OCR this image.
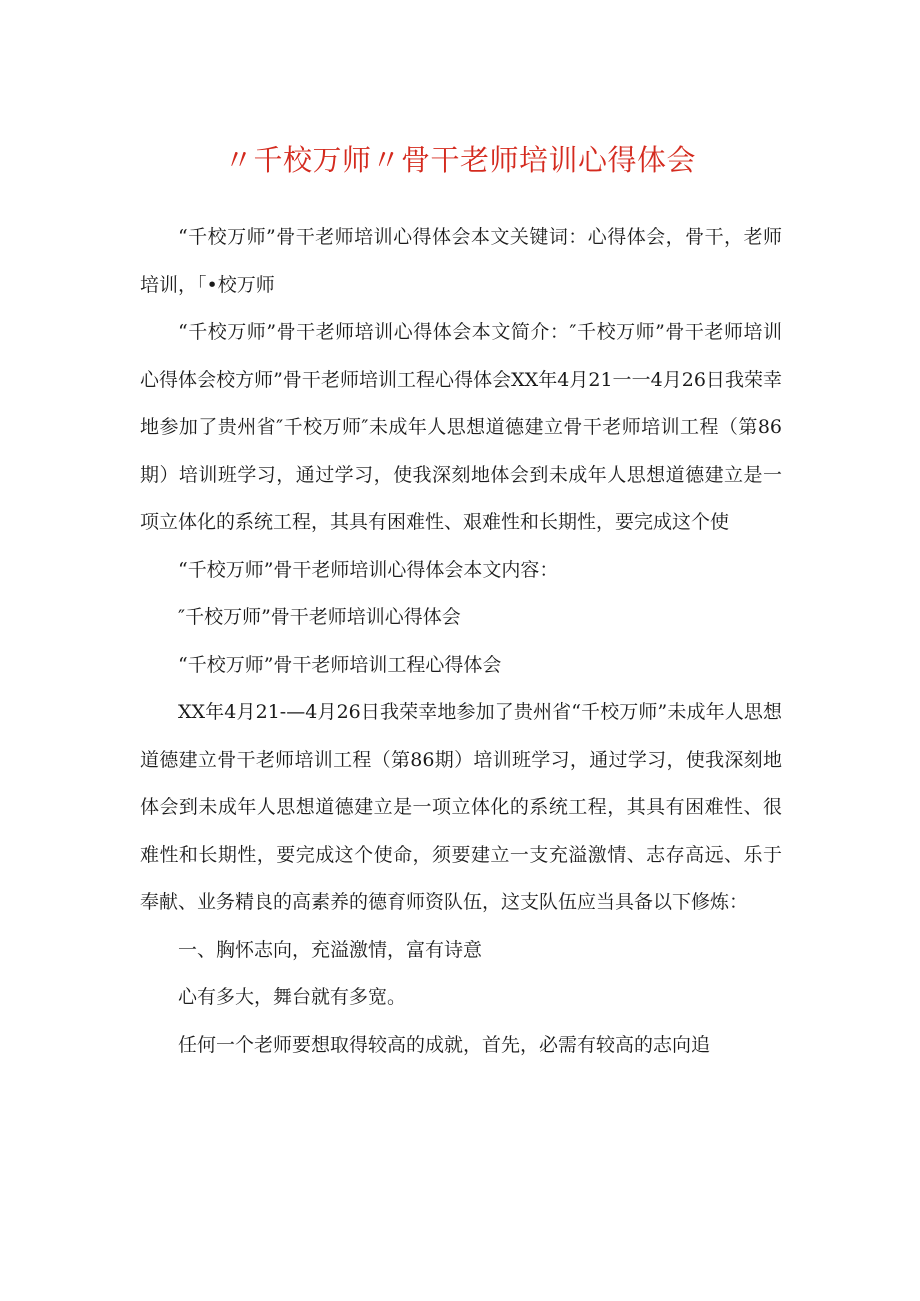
〃千校万师〃骨干老师培训心得体会

“千校万师”骨干老师培训心得体会本文关键词：心得体会，骨干，老师培训，「•校万师

“千校万师”骨干老师培训心得体会本文简介：″千校万师”骨干老师培训心得体会校方师”骨干老师培训工程心得体会XX年4月21一一4月26日我荣幸地参加了贵州省″千校万师″未成年人思想道德建立骨干老师培训工程（第86期）培训班学习，通过学习，使我深刻地体会到未成年人思想道德建立是一项立体化的系统工程，其具有困难性、艰难性和长期性，要完成这个使

“千校万师”骨干老师培训心得体会本文内容：

″千校万师”骨干老师培训心得体会

“千校万师”骨干老师培训工程心得体会

XX年4月21-—4月26日我荣幸地参加了贵州省“千校万师”未成年人思想道德建立骨干老师培训工程（第86期）培训班学习，通过学习，使我深刻地体会到未成年人思想道德建立是一项立体化的系统工程，其具有困难性、很难性和长期性，要完成这个使命，须要建立一支充溢激情、志存高远、乐于奉献、业务精良的高素养的德育师资队伍，这支队伍应当具备以下修炼：

一、胸怀志向，充溢激情，富有诗意

心有多大，舞台就有多宽。

任何一个老师要想取得较高的成就，首先，必需有较高的志向追
